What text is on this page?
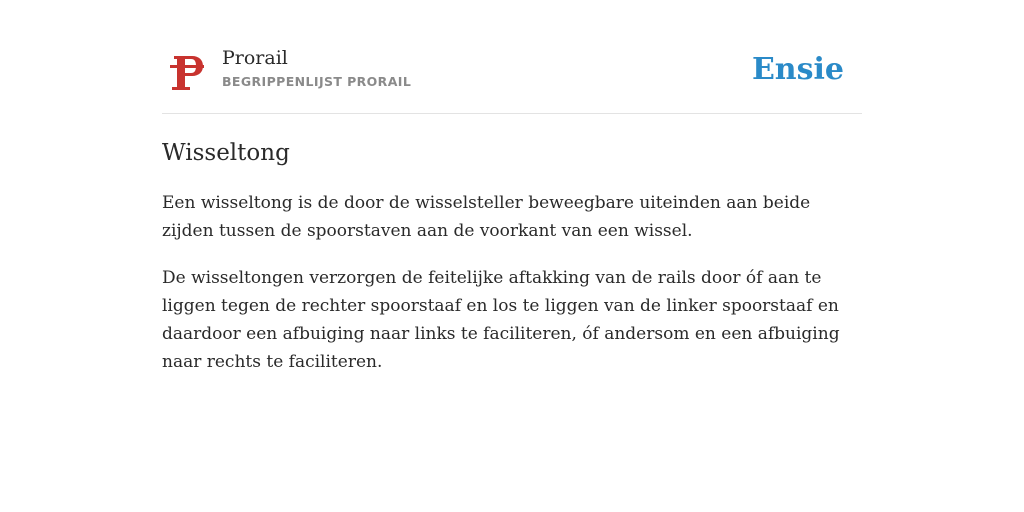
Prorail
BEGRIPPENLIJST PRORAIL	Ensie
Wisseltong

Een wisseltong is de door de wisselsteller beweegbare uiteinden aan beide zijden tussen de spoorstaven aan de voorkant van een wissel.

De wisseltongen verzorgen de feitelijke aftakking van de rails door óf aan te liggen tegen de rechter spoorstaaf en los te liggen van de linker spoorstaaf en daardoor een afbuiging naar links te faciliteren, óf andersom en een afbuiging naar rechts te faciliteren.
